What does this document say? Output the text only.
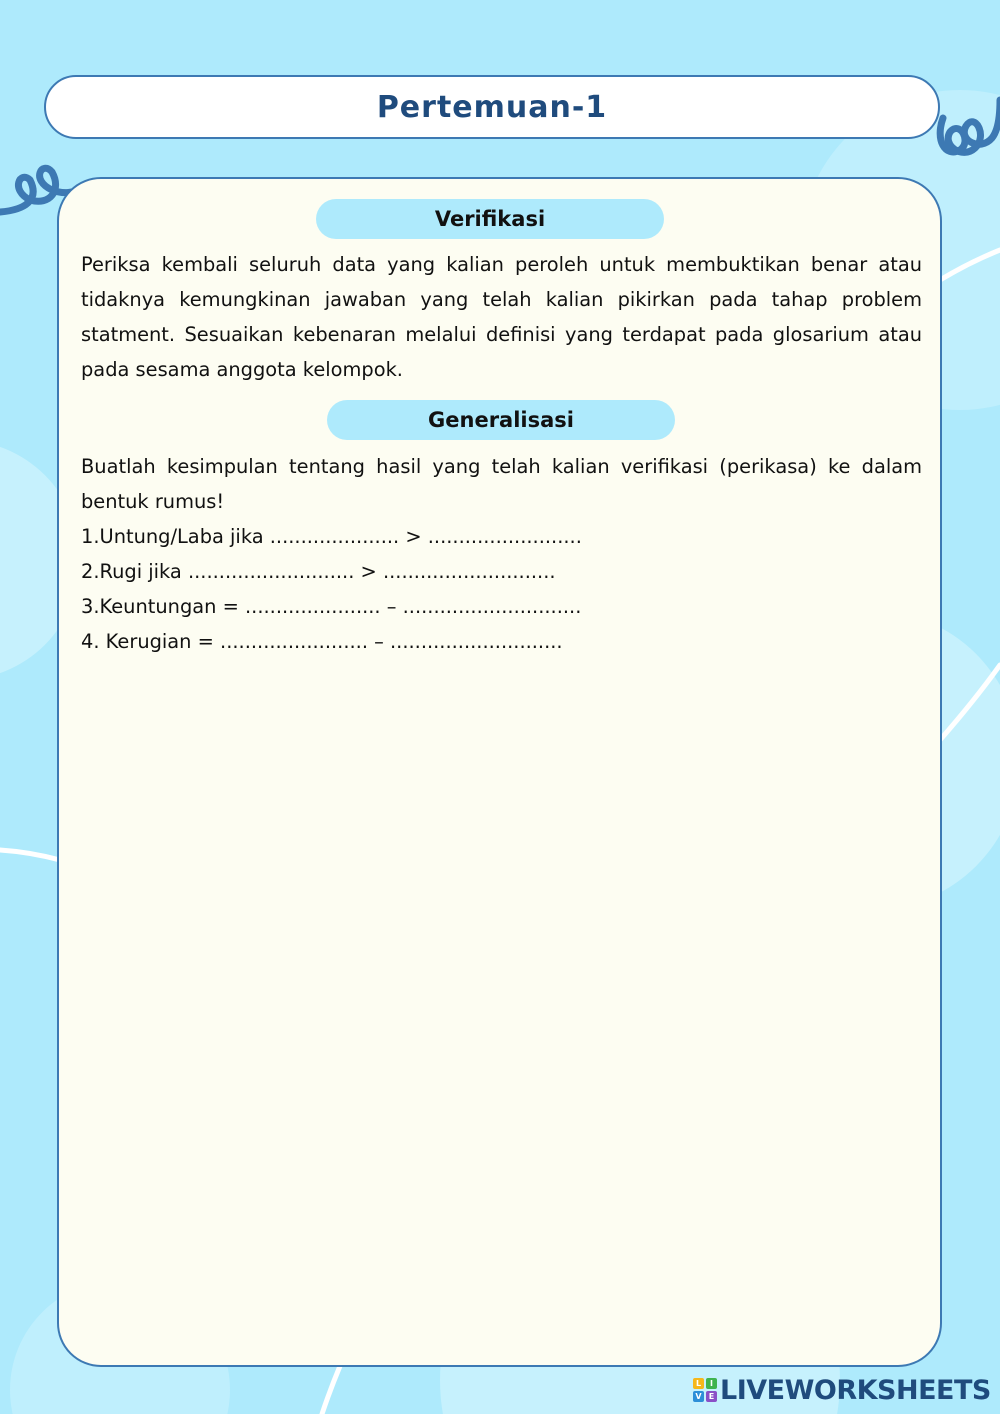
Pertemuan-1
Verifikasi

Periksa kembali seluruh data yang kalian peroleh untuk membuktikan benar atau tidaknya kemungkinan jawaban yang telah kalian pikirkan pada tahap problem statment. Sesuaikan kebenaran melalui definisi yang terdapat pada glosarium atau pada sesama anggota kelompok.

Generalisasi

Buatlah kesimpulan tentang hasil yang telah kalian verifikasi (perikasa) ke dalam bentuk rumus!

1.Untung/Laba jika ..................... > .........................
2.Rugi jika ........................... > ............................
3.Keuntungan = ...................... – .............................
4. Kerugian = ........................ – ............................
L	I
V E LIVEWORKSHEETS
